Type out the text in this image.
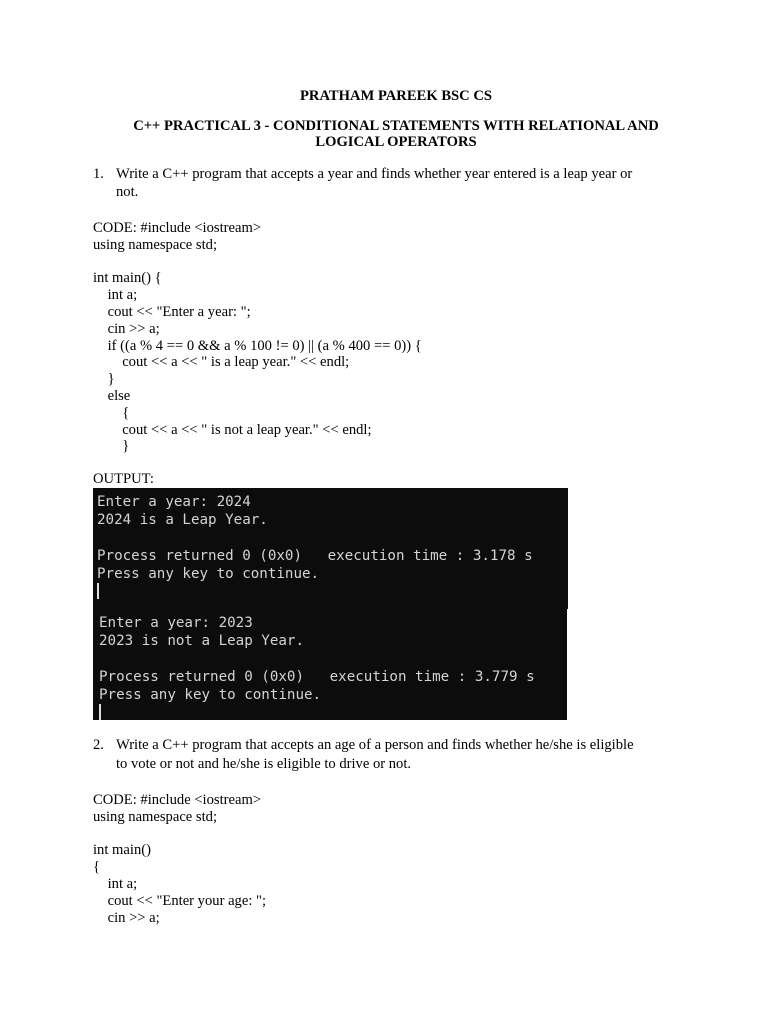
PRATHAM PAREEK BSC CS
C++ PRACTICAL 3 - CONDITIONAL STATEMENTS WITH RELATIONAL AND
LOGICAL OPERATORS
1. Write a C++ program that accepts a year and finds whether year entered is a leap year or
not.
CODE: #include <iostream>
using namespace std;
int main() {
int a;
cout << "Enter a year: ";
cin >> a;
if ((a % 4 == 0 && a % 100 != 0) || (a % 400 == 0)) {
cout << a << " is a leap year." << endl;
}
else
{
cout << a << " is not a leap year." << endl;
}
OUTPUT:
Enter a year: 2024
2024 is a Leap Year.
Process returned 0 (0x0)   execution time : 3.178 s
Press any key to continue.
Enter a year: 2023
2023 is not a Leap Year.
Process returned 0 (0x0)   execution time : 3.779 s
Press any key to continue.
2. Write a C++ program that accepts an age of a person and finds whether he/she is eligible
to vote or not and he/she is eligible to drive or not.
CODE: #include <iostream>
using namespace std;
int main()
{
int a;
cout << "Enter your age: ";
cin >> a;
